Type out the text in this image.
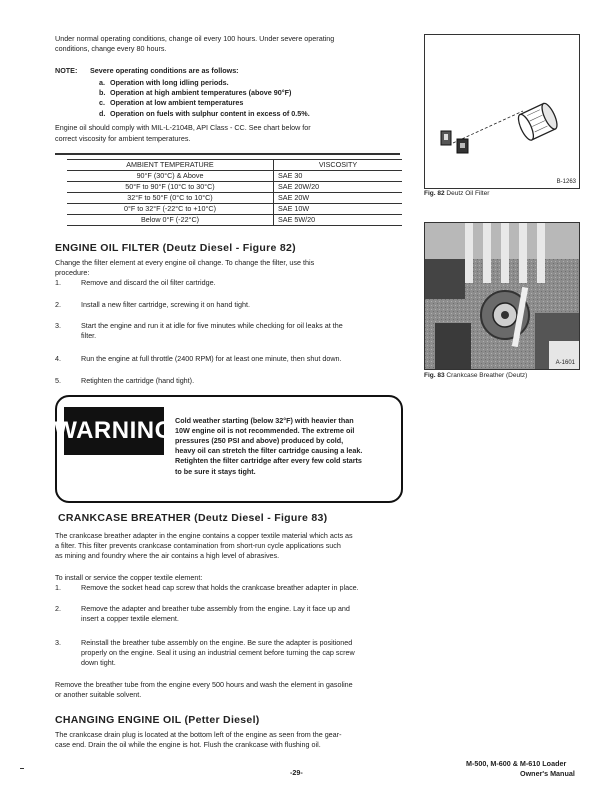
Under normal operating conditions, change oil every 100 hours. Under severe operating
conditions, change every 80 hours.
NOTE: Severe operating conditions are as follows:
a. Operation with long idling periods.
b. Operation at high ambient temperatures (above 90°F)
c. Operation at low ambient temperatures
d. Operation on fuels with sulphur content in excess of 0.5%.
Engine oil should comply with MIL-L-2104B, API Class - CC. See chart below for
correct viscosity for ambient temperatures.
AMBIENT TEMPERATURE	VISCOSITY
90°F (30°C) & Above	SAE 30
50°F to 90°F (10°C to 30°C)	SAE 20W/20
32°F to 50°F (0°C to 10°C)	SAE 20W
0°F to 32°F (-22°C to +10°C)	SAE 10W
Below 0°F (-22°C)	SAE 5W/20
ENGINE OIL FILTER (Deutz Diesel - Figure 82)
Change the filter element at every engine oil change. To change the filter, use this
procedure:
1.	Remove and discard the oil filter cartridge.
2.	Install a new filter cartridge, screwing it on hand tight.
3.	Start the engine and run it at idle for five minutes while checking for oil leaks at the
filter.
4.	Run the engine at full throttle (2400 RPM) for at least one minute, then shut down.
5.	Retighten the cartridge (hand tight).
WARNING Cold weather starting (below 32°F) with heavier than
10W engine oil is not recommended. The extreme oil
pressures (250 PSI and above) produced by cold,
heavy oil can stretch the filter cartridge causing a leak.
Retighten the filter cartridge after every few cold starts
to be sure it stays tight.
CRANKCASE BREATHER (Deutz Diesel - Figure 83)
The crankcase breather adapter in the engine contains a copper textile material which acts as
a filter. This filter prevents crankcase contamination from short-run cycle applications such
as mining and foundry where the air contains a high level of abrasives.
To install or service the copper textile element:
1.	Remove the socket head cap screw that holds the crankcase breather adapter in place.
2.	Remove the adapter and breather tube assembly from the engine. Lay it face up and
insert a copper textile element.
3.	Reinstall the breather tube assembly on the engine. Be sure the adapter is positioned
properly on the engine. Seal it using an industrial cement before turning the cap screw
down tight.
Remove the breather tube from the engine every 500 hours and wash the element in gasoline
or another suitable solvent.
CHANGING ENGINE OIL (Petter Diesel)
The crankcase drain plug is located at the bottom left of the engine as seen from the gear-
case end. Drain the oil while the engine is hot. Flush the crankcase with flushing oil.
B-1263
Fig. 82 Deutz Oil Filter
A-1601
Fig. 83 Crankcase Breather (Deutz)
-29-
M-500, M-600 & M-610 Loader
Owner's Manual
